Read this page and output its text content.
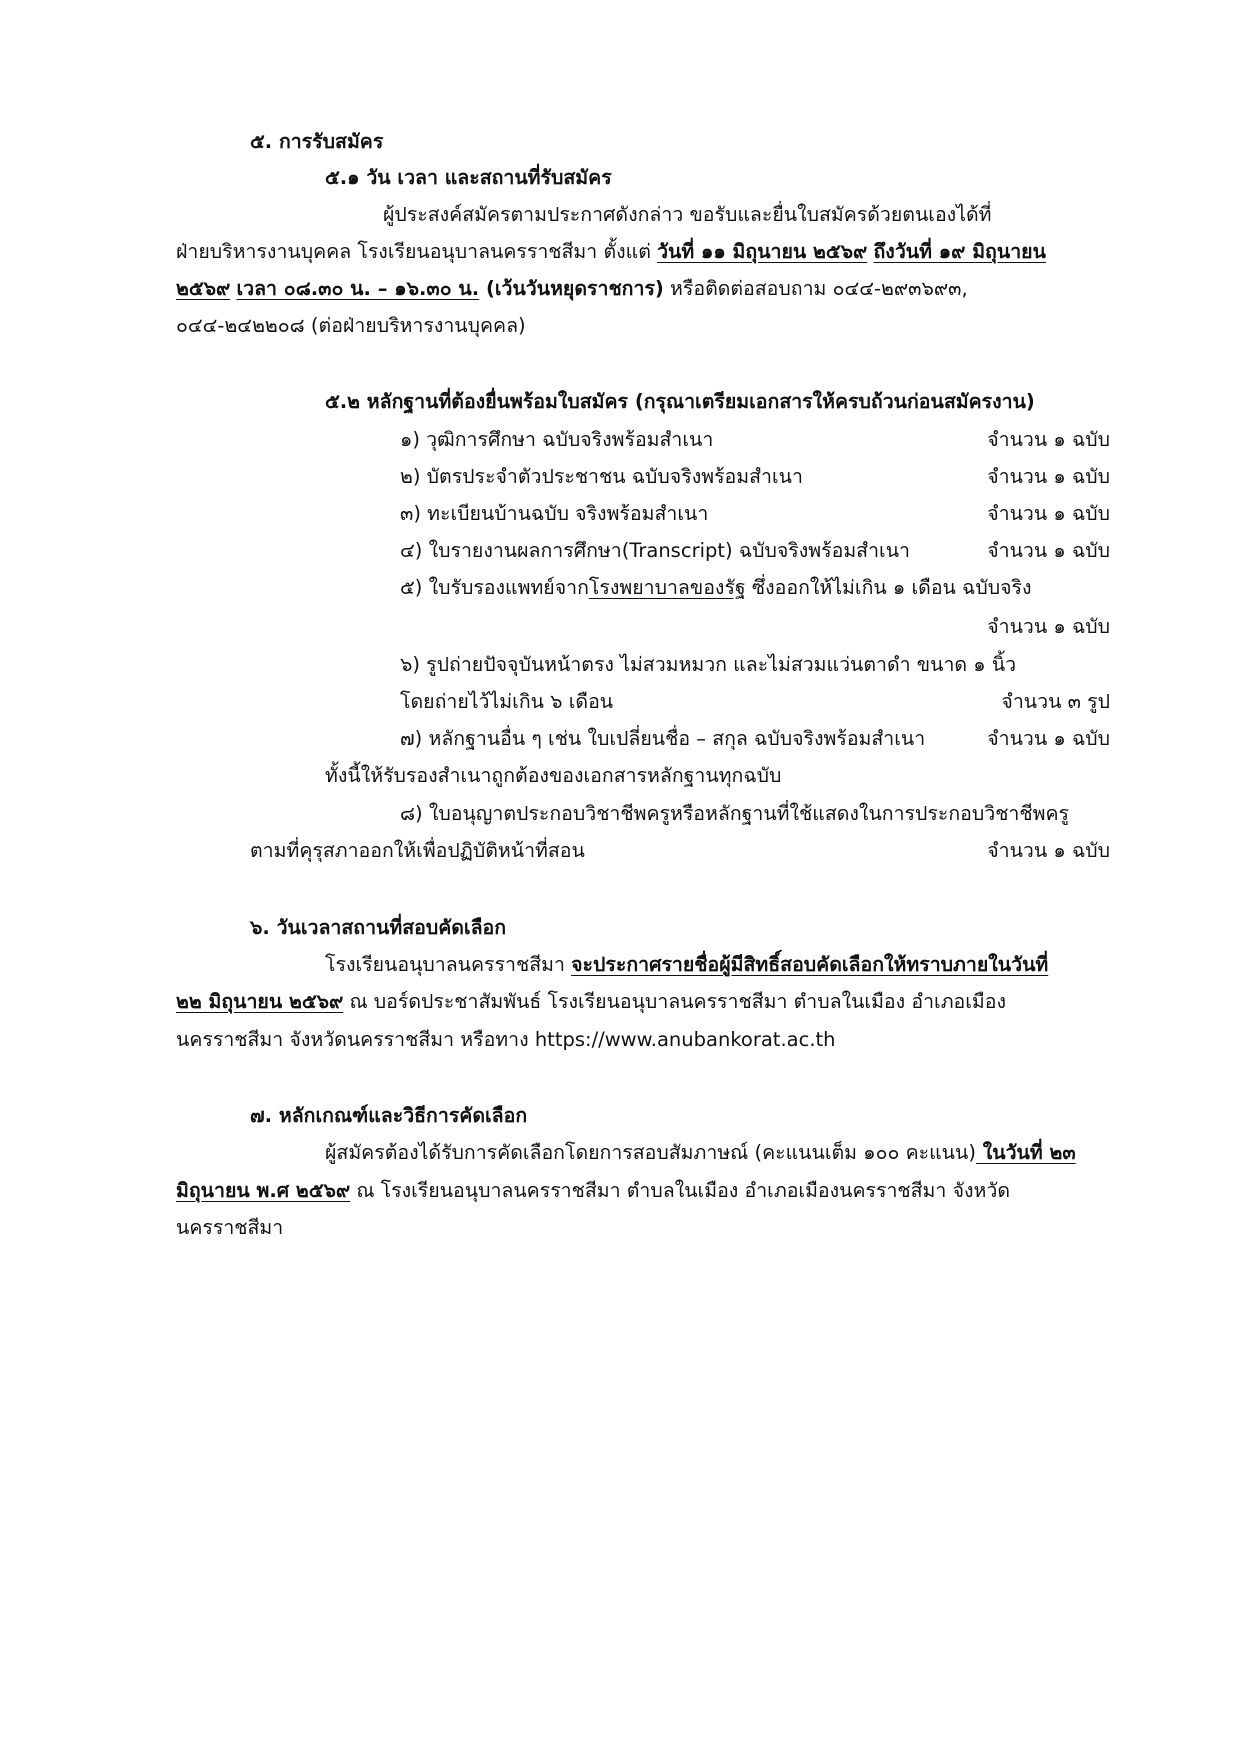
๕. การรับสมัคร
๕.๑ วัน เวลา และสถานที่รับสมัคร
ผู้ประสงค์สมัครตามประกาศดังกล่าว ขอรับและยื่นใบสมัครด้วยตนเองได้ที่
ฝ่ายบริหารงานบุคคล โรงเรียนอนุบาลนครราชสีมา ตั้งแต่ วันที่ ๑๑ มิถุนายน ๒๕๖๙ ถึงวันที่ ๑๙ มิถุนายน
๒๕๖๙ เวลา ๐๘.๓๐ น. – ๑๖.๓๐ น. (เว้นวันหยุดราชการ) หรือติดต่อสอบถาม ๐๔๔-๒๙๓๖๙๓,
๐๔๔-๒๔๒๒๐๘ (ต่อฝ่ายบริหารงานบุคคล)
๕.๒ หลักฐานที่ต้องยื่นพร้อมใบสมัคร (กรุณาเตรียมเอกสารให้ครบถ้วนก่อนสมัครงาน)
๑) วุฒิการศึกษา ฉบับจริงพร้อมสำเนา	จำนวน ๑ ฉบับ
๒) บัตรประจำตัวประชาชน ฉบับจริงพร้อมสำเนา	จำนวน ๑ ฉบับ
๓) ทะเบียนบ้านฉบับ จริงพร้อมสำเนา	จำนวน ๑ ฉบับ
๔) ใบรายงานผลการศึกษา(Transcript) ฉบับจริงพร้อมสำเนา	จำนวน ๑ ฉบับ
๕) ใบรับรองแพทย์จากโรงพยาบาลของรัฐ ซึ่งออกให้ไม่เกิน ๑ เดือน ฉบับจริง
จำนวน ๑ ฉบับ
๖) รูปถ่ายปัจจุบันหน้าตรง ไม่สวมหมวก และไม่สวมแว่นตาดำ ขนาด ๑ นิ้ว
โดยถ่ายไว้ไม่เกิน ๖ เดือน	จำนวน ๓ รูป
๗) หลักฐานอื่น ๆ เช่น ใบเปลี่ยนชื่อ – สกุล ฉบับจริงพร้อมสำเนา	จำนวน ๑ ฉบับ
ทั้งนี้ให้รับรองสำเนาถูกต้องของเอกสารหลักฐานทุกฉบับ
๘) ใบอนุญาตประกอบวิชาชีพครูหรือหลักฐานที่ใช้แสดงในการประกอบวิชาชีพครู
ตามที่คุรุสภาออกให้เพื่อปฏิบัติหน้าที่สอน	จำนวน ๑ ฉบับ
๖. วันเวลาสถานที่สอบคัดเลือก
โรงเรียนอนุบาลนครราชสีมา จะประกาศรายชื่อผู้มีสิทธิ์สอบคัดเลือกให้ทราบภายในวันที่
๒๒ มิถุนายน ๒๕๖๙ ณ บอร์ดประชาสัมพันธ์ โรงเรียนอนุบาลนครราชสีมา ตำบลในเมือง อำเภอเมือง
นครราชสีมา จังหวัดนครราชสีมา หรือทาง https://www.anubankorat.ac.th
๗. หลักเกณฑ์และวิธีการคัดเลือก
ผู้สมัครต้องได้รับการคัดเลือกโดยการสอบสัมภาษณ์ (คะแนนเต็ม ๑๐๐ คะแนน) ในวันที่ ๒๓
มิถุนายน พ.ศ ๒๕๖๙ ณ โรงเรียนอนุบาลนครราชสีมา ตำบลในเมือง อำเภอเมืองนครราชสีมา จังหวัด
นครราชสีมา
